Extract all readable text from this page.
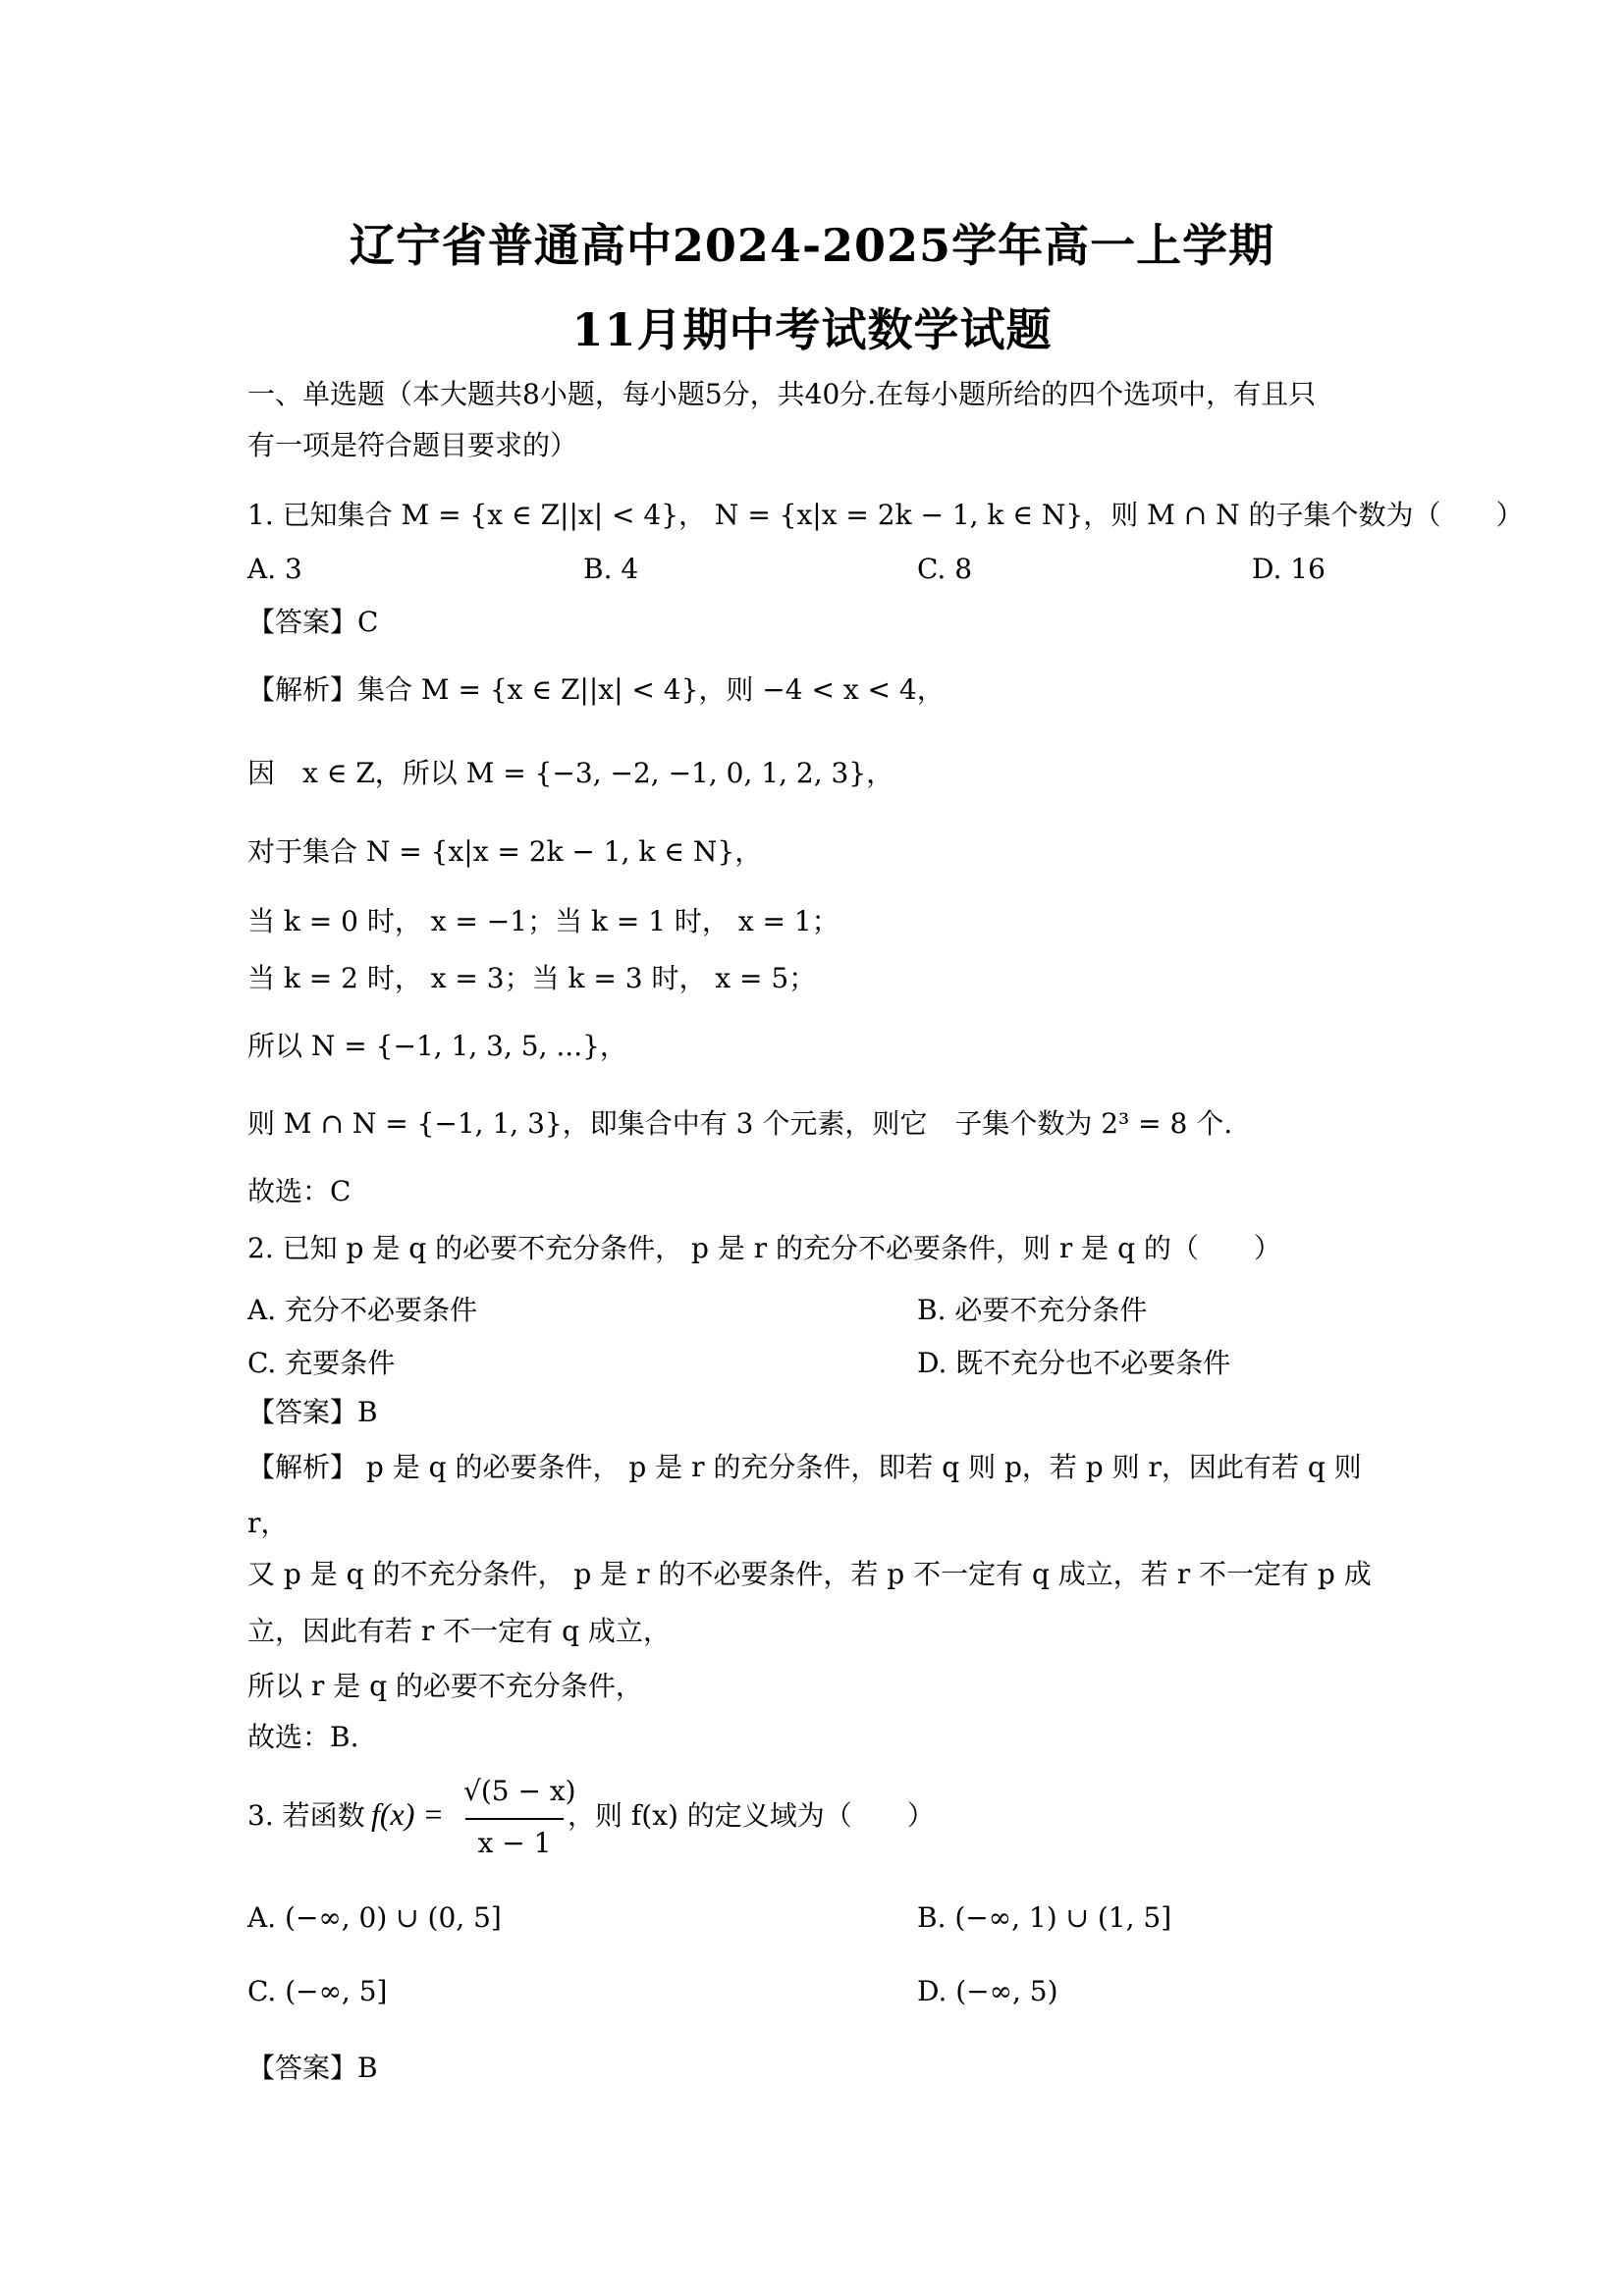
辽宁省普通高中2024-2025学年高一上学期
11月期中考试数学试题
一、单选题（本大题共8小题，每小题5分，共40分.在每小题所给的四个选项中，有且只
有一项是符合题目要求的）
1. 已知集合 M = {x ∈ Z||x| < 4}， N = {x|x = 2k − 1, k ∈ N}，则 M ∩ N 的子集个数为（　　）
A. 3	B. 4	C. 8	D. 16
【答案】C
【解析】集合 M = {x ∈ Z||x| < 4}，则 −4 < x < 4，
因　x ∈ Z，所以 M = {−3, −2, −1, 0, 1, 2, 3}，
对于集合 N = {x|x = 2k − 1, k ∈ N}，
当 k = 0 时， x = −1；当 k = 1 时， x = 1；
当 k = 2 时， x = 3；当 k = 3 时， x = 5；
所以 N = {−1, 1, 3, 5, ...}，
则 M ∩ N = {−1, 1, 3}，即集合中有 3 个元素，则它　子集个数为 2³ = 8 个.
故选：C
2. 已知 p 是 q 的必要不充分条件， p 是 r 的充分不必要条件，则 r 是 q 的（　　）
A. 充分不必要条件	B. 必要不充分条件
C. 充要条件	D. 既不充分也不必要条件
【答案】B
【解析】 p 是 q 的必要条件， p 是 r 的充分条件，即若 q 则 p，若 p 则 r，因此有若 q 则
r，
又 p 是 q 的不充分条件， p 是 r 的不必要条件，若 p 不一定有 q 成立，若 r 不一定有 p 成
立，因此有若 r 不一定有 q 成立，
所以 r 是 q 的必要不充分条件，
故选：B.
3. 若函数 f(x) =
√(5 − x)
x − 1
，则 f(x) 的定义域为（　　）
A. (−∞, 0) ∪ (0, 5]	B. (−∞, 1) ∪ (1, 5]
C. (−∞, 5]	D. (−∞, 5)
【答案】B
